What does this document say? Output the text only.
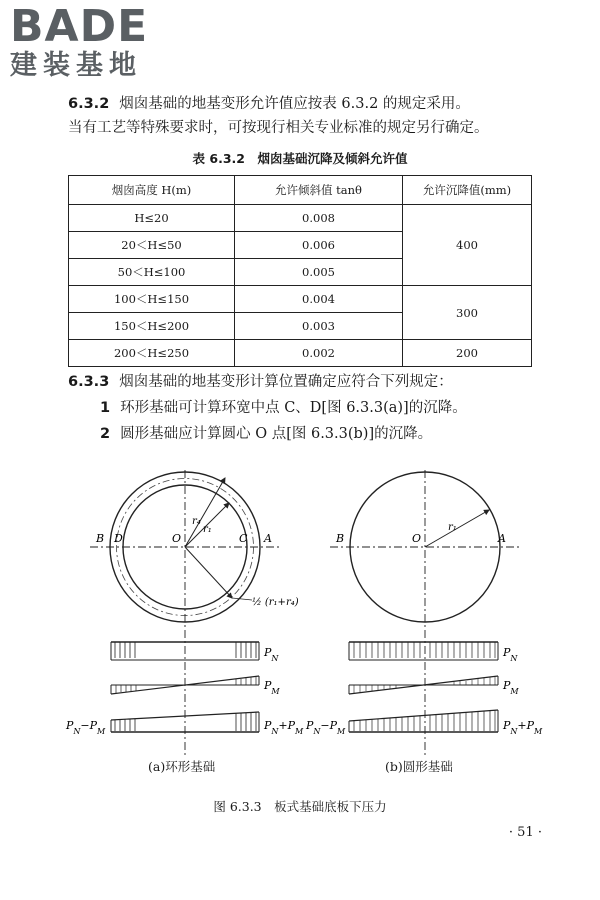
BADE
建装基地
6.3.2 烟囱基础的地基变形允许值应按表 6.3.2 的规定采用。
当有工艺等特殊要求时，可按现行相关专业标准的规定另行确定。
表 6.3.2　烟囱基础沉降及倾斜允许值
烟囱高度 H(m)	允许倾斜值 tanθ	允许沉降值(mm)
H≤20	0.008	400
20＜H≤50	0.006	
50＜H≤100	0.005	
100＜H≤150	0.004	300
150＜H≤200	0.003	
200＜H≤250	0.002	200
6.3.3 烟囱基础的地基变形计算位置确定应符合下列规定：
1 环形基础可计算环宽中点 C、D[图 6.3.3(a)]的沉降。
2 圆形基础应计算圆心 O 点[图 6.3.3(b)]的沉降。
B D	O	C A
r₁
r₄
½ (r₁+r₄)
$P_N$
$P_M$
$P_N-P_M$	$P_N+P_M$
B	O	A
r₁
$P_N$
$P_M$
$P_N-P_M$	$P_N+P_M$
(a)环形基础	(b)圆形基础
图 6.3.3　板式基础底板下压力
· 51 ·
